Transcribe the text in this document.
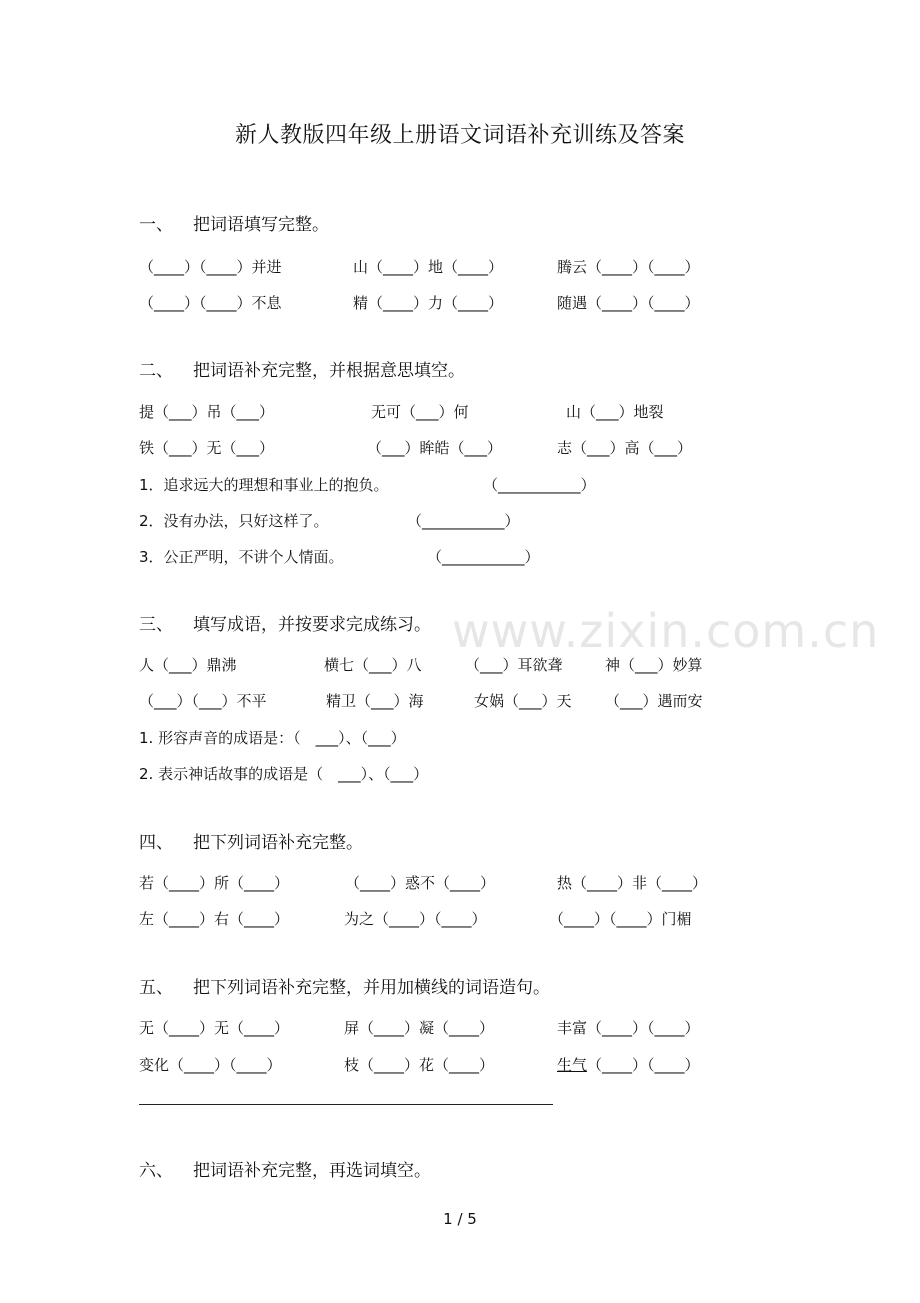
新人教版四年级上册语文词语补充训练及答案
www.zixin.com.cn
一、	把词语填写完整。
（____）（____）并进	山（____）地（____）	腾云（____）（____）
（____）（____）不息	精（____）力（____）	随遇（____）（____）
二、	把词语补充完整，并根据意思填空。
提（___）吊（___）	无可（___）何	山（___）地裂
铁（___）无（___）	（___）眸皓（___）	志（___）高（___）
1．追求远大的理想和事业上的抱负。	（___________）
2．没有办法，只好这样了。	（___________）
3．公正严明，不讲个人情面。	（___________）
三、	填写成语，并按要求完成练习。
人（___）鼎沸	横七（___）八	（___）耳欲聋	神（___）妙算
（___）（___）不平	精卫（___）海	女娲（___）天 （___）遇而安
1. 形容声音的成语是：（　___）、（___）
2. 表示神话故事的成语是（　___）、（___）
四、	把下列词语补充完整。
若（____）所（____）	（____）惑不（____）	热（____）非（____）
左（____）右（____）	为之（____）（____）	（____）（____）门楣
五、	把下列词语补充完整，并用加横线的词语造句。
无（____）无（____）	屏（____）凝（____）	丰富（____）（____）
变化（____）（____）	枝（____）花（____）	生气（____）（____）
六、	把词语补充完整，再选词填空。
1 / 5
